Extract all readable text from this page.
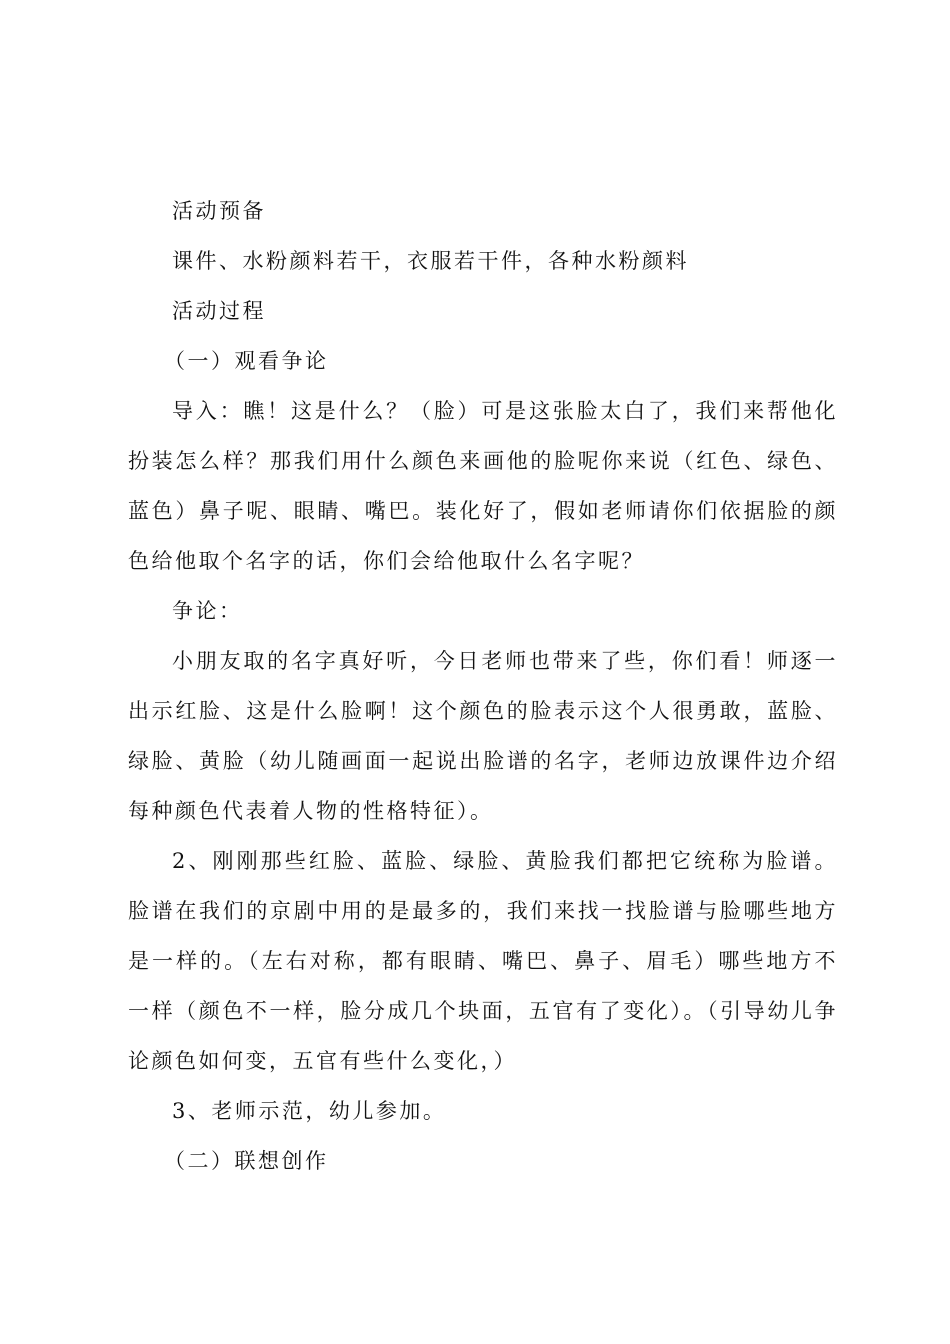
活动预备

课件、水粉颜料若干，衣服若干件，各种水粉颜料

活动过程

（一）观看争论

导入：瞧！这是什么？（脸）可是这张脸太白了，我们来帮他化扮装怎么样？那我们用什么颜色来画他的脸呢你来说（红色、绿色、蓝色）鼻子呢、眼睛、嘴巴。装化好了，假如老师请你们依据脸的颜色给他取个名字的话，你们会给他取什么名字呢？

争论：

小朋友取的名字真好听，今日老师也带来了些，你们看！师逐一出示红脸、这是什么脸啊！这个颜色的脸表示这个人很勇敢，蓝脸、绿脸、黄脸（幼儿随画面一起说出脸谱的名字，老师边放课件边介绍每种颜色代表着人物的性格特征）。

2、刚刚那些红脸、蓝脸、绿脸、黄脸我们都把它统称为脸谱。脸谱在我们的京剧中用的是最多的，我们来找一找脸谱与脸哪些地方是一样的。（左右对称，都有眼睛、嘴巴、鼻子、眉毛）哪些地方不一样（颜色不一样，脸分成几个块面，五官有了变化）。（引导幼儿争论颜色如何变，五官有些什么变化，）

3、老师示范，幼儿参加。

（二）联想创作
